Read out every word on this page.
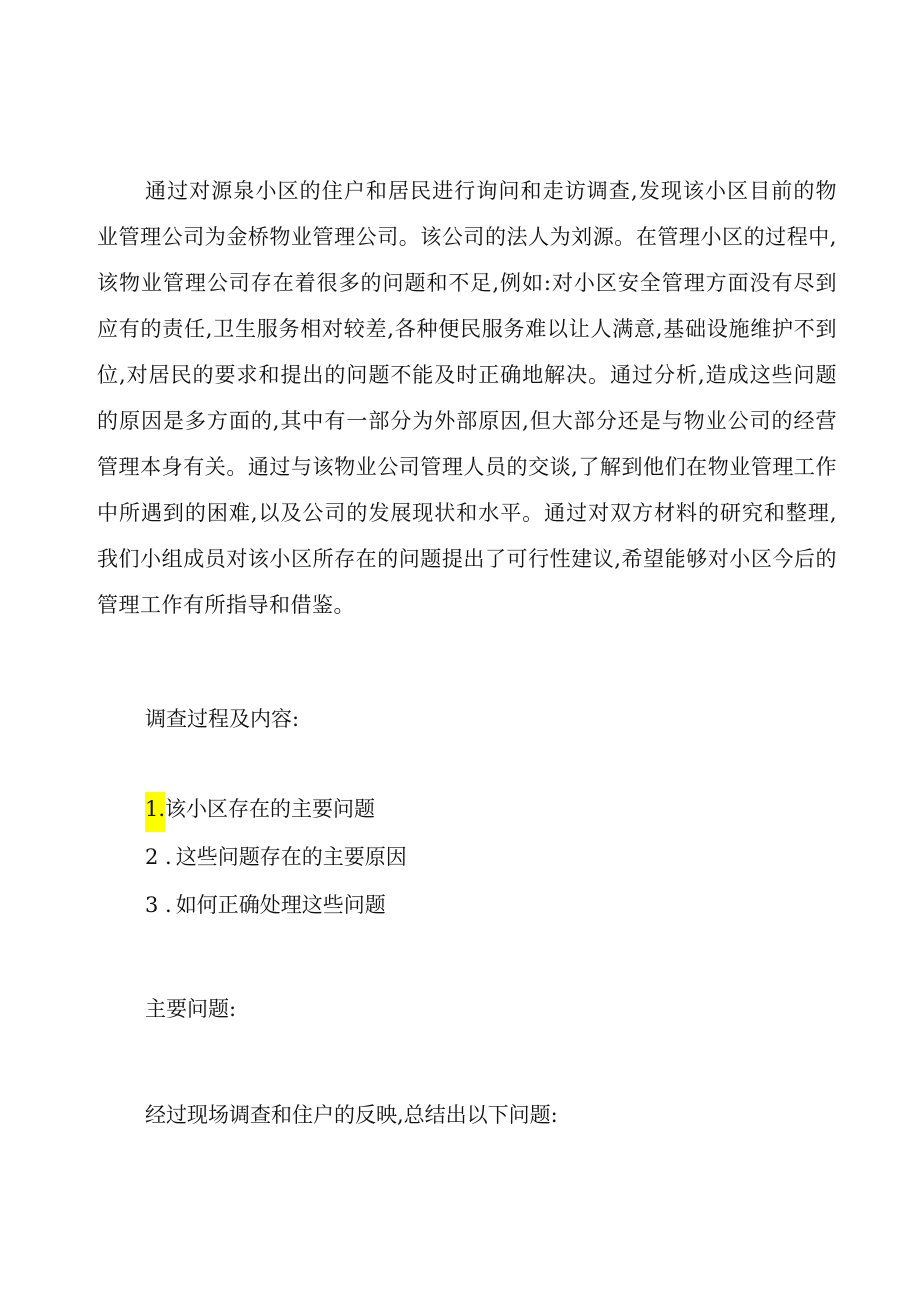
通过对源泉小区的住户和居民进行询问和走访调查,发现该小区目前的物业管理公司为金桥物业管理公司。该公司的法人为刘源。在管理小区的过程中,该物业管理公司存在着很多的问题和不足,例如:对小区安全管理方面没有尽到应有的责任,卫生服务相对较差,各种便民服务难以让人满意,基础设施维护不到位,对居民的要求和提出的问题不能及时正确地解决。通过分析,造成这些问题的原因是多方面的,其中有一部分为外部原因,但大部分还是与物业公司的经营管理本身有关。通过与该物业公司管理人员的交谈,了解到他们在物业管理工作中所遇到的困难,以及公司的发展现状和水平。通过对双方材料的研究和整理,我们小组成员对该小区所存在的问题提出了可行性建议,希望能够对小区今后的管理工作有所指导和借鉴。

调查过程及内容:

1.该小区存在的主要问题

2 . 这些问题存在的主要原因

3 . 如何正确处理这些问题

主要问题:

经过现场调查和住户的反映,总结出以下问题:
